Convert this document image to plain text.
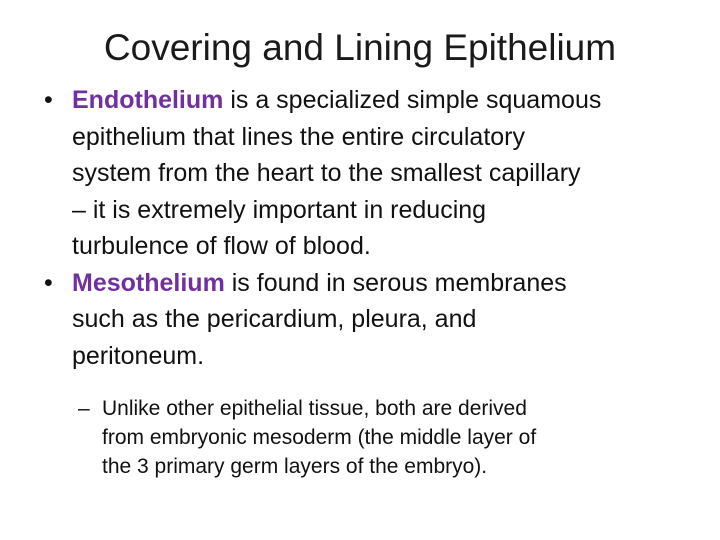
Covering and Lining Epithelium
• Endothelium is a specialized simple squamous
epithelium that lines the entire circulatory
system from the heart to the smallest capillary
– it is extremely important in reducing
turbulence of flow of blood.
• Mesothelium is found in serous membranes
such as the pericardium, pleura, and
peritoneum.
– Unlike other epithelial tissue, both are derived
from embryonic mesoderm (the middle layer of
the 3 primary germ layers of the embryo).
